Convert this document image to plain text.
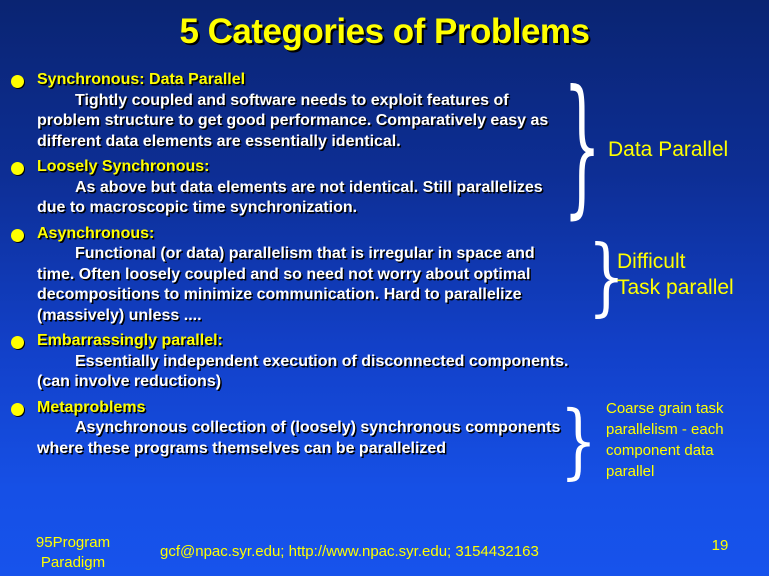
5 Categories of Problems
Synchronous: Data Parallel
Tightly coupled and software needs to exploit features of problem structure to get good performance. Comparatively easy as different data elements are essentially identical.
Loosely Synchronous:
As above but data elements are not identical. Still parallelizes due to macroscopic time synchronization.
Asynchronous:
Functional (or data) parallelism that is irregular in space and time. Often loosely coupled and so need not worry about optimal decompositions to minimize communication. Hard to parallelize (massively) unless ....
Embarrassingly parallel:
Essentially independent execution of disconnected components. (can involve reductions)
Metaproblems
Asynchronous collection of (loosely) synchronous components where these programs themselves can be parallelized
} Data Parallel
}
Difficult
Task parallel
} Coarse grain task parallelism - each component data parallel
95Program
Paradigm
gcf@npac.syr.edu; http://www.npac.syr.edu; 3154432163	19
